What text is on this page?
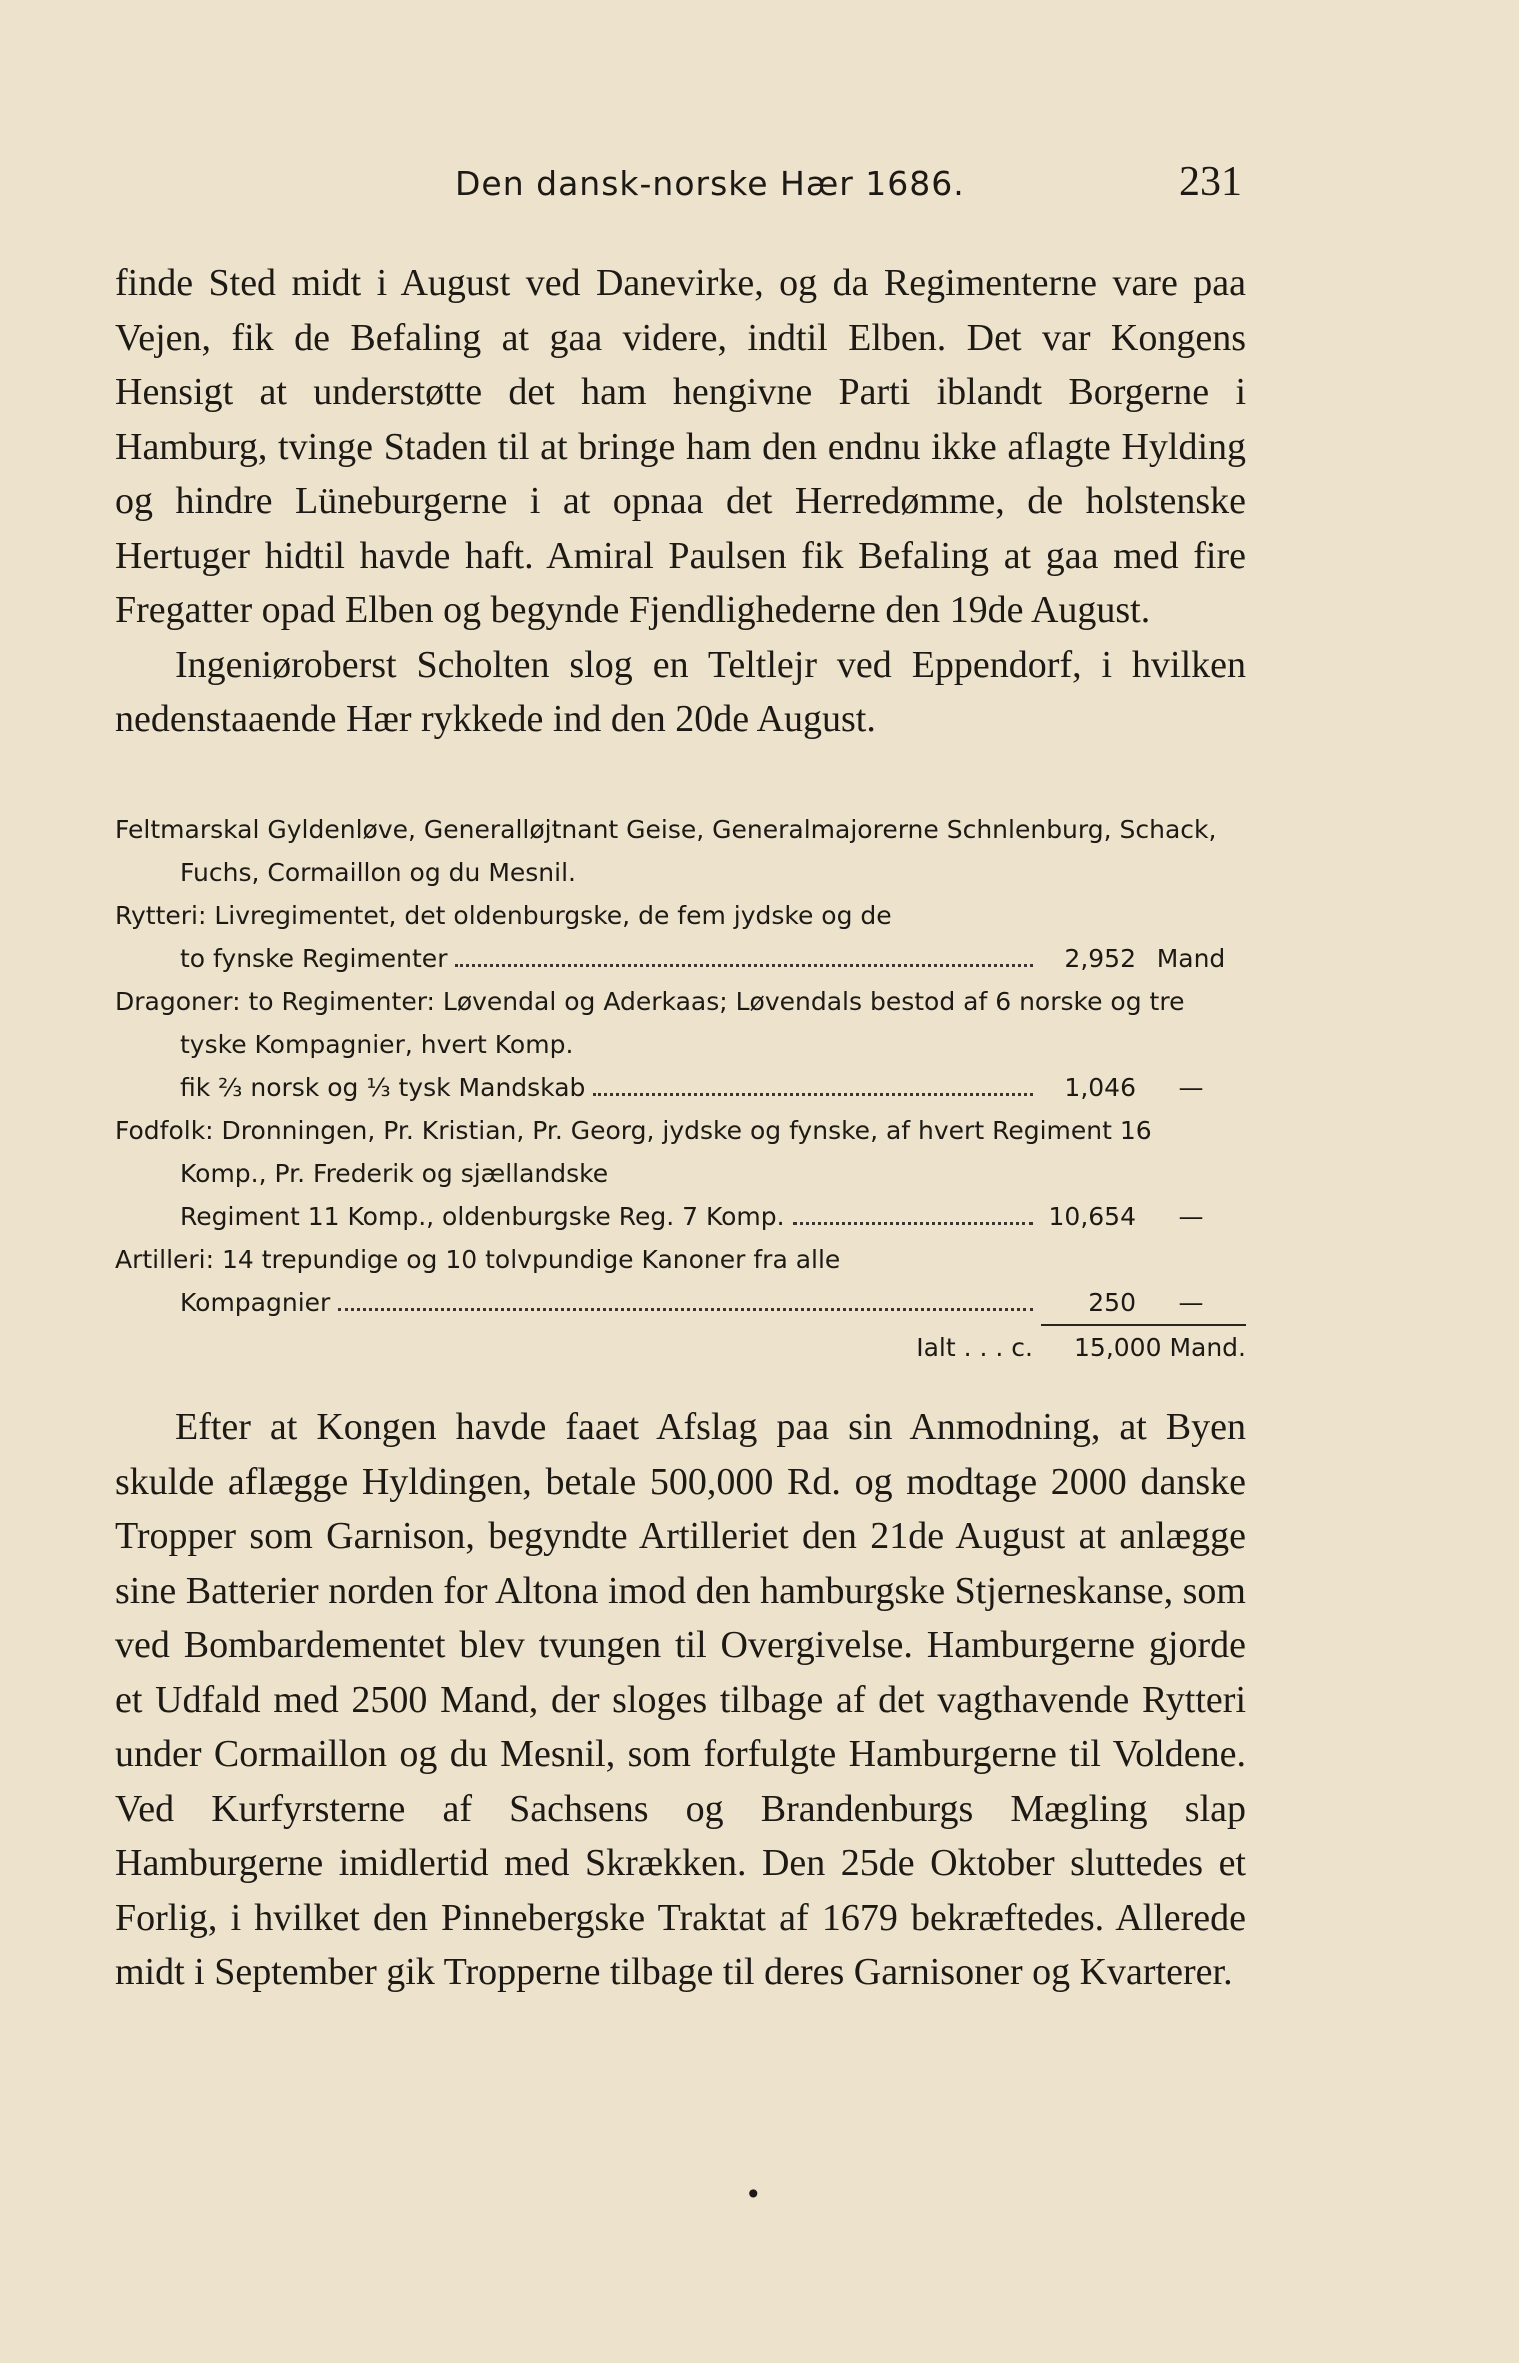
Den dansk-norske Hær 1686.	231

finde Sted midt i August ved Danevirke, og da Regimenterne vare paa Vejen, fik de Befaling at gaa videre, indtil Elben. Det var Kongens Hensigt at understøtte det ham hengivne Parti iblandt Borgerne i Hamburg, tvinge Staden til at bringe ham den endnu ikke aflagte Hylding og hindre Lüneburgerne i at opnaa det Herredømme, de holstenske Hertuger hidtil havde haft. Amiral Paulsen fik Befaling at gaa med fire Fregatter opad Elben og begynde Fjendlighederne den 19de August.

Ingeniøroberst Scholten slog en Teltlejr ved Eppendorf, i hvilken nedenstaaende Hær rykkede ind den 20de August.

Feltmarskal Gyldenløve, Generalløjtnant Geise, Generalmajorerne Schnlenburg, Schack, Fuchs, Cormaillon og du Mesnil.
Rytteri: Livregimentet, det oldenburgske, de fem jydske og de
to fynske Regimenter	2,952 Mand
Dragoner: to Regimenter: Løvendal og Aderkaas; Løvendals bestod af 6 norske og tre tyske Kompagnier, hvert Komp.
fik ⅔ norsk og ⅓ tysk Mandskab	1,046	—
Fodfolk: Dronningen, Pr. Kristian, Pr. Georg, jydske og fynske, af hvert Regiment 16 Komp., Pr. Frederik og sjællandske
Regiment 11 Komp., oldenburgske Reg. 7 Komp.	10,654	—
Artilleri: 14 trepundige og 10 tolvpundige Kanoner fra alle
Kompagnier	250	—
Ialt . . . c.	15,000 Mand.

Efter at Kongen havde faaet Afslag paa sin Anmodning, at Byen skulde aflægge Hyldingen, betale 500,000 Rd. og modtage 2000 danske Tropper som Garnison, begyndte Artilleriet den 21de August at anlægge sine Batterier norden for Altona imod den hamburgske Stjerneskanse, som ved Bombardementet blev tvungen til Overgivelse. Hamburgerne gjorde et Udfald med 2500 Mand, der sloges tilbage af det vagthavende Rytteri under Cormaillon og du Mesnil, som forfulgte Hamburgerne til Voldene. Ved Kurfyrsterne af Sachsens og Brandenburgs Mægling slap Hamburgerne imidlertid med Skrækken. Den 25de Oktober sluttedes et Forlig, i hvilket den Pinnebergske Traktat af 1679 bekræftedes. Allerede midt i September gik Tropperne tilbage til deres Garnisoner og Kvarterer.

•
